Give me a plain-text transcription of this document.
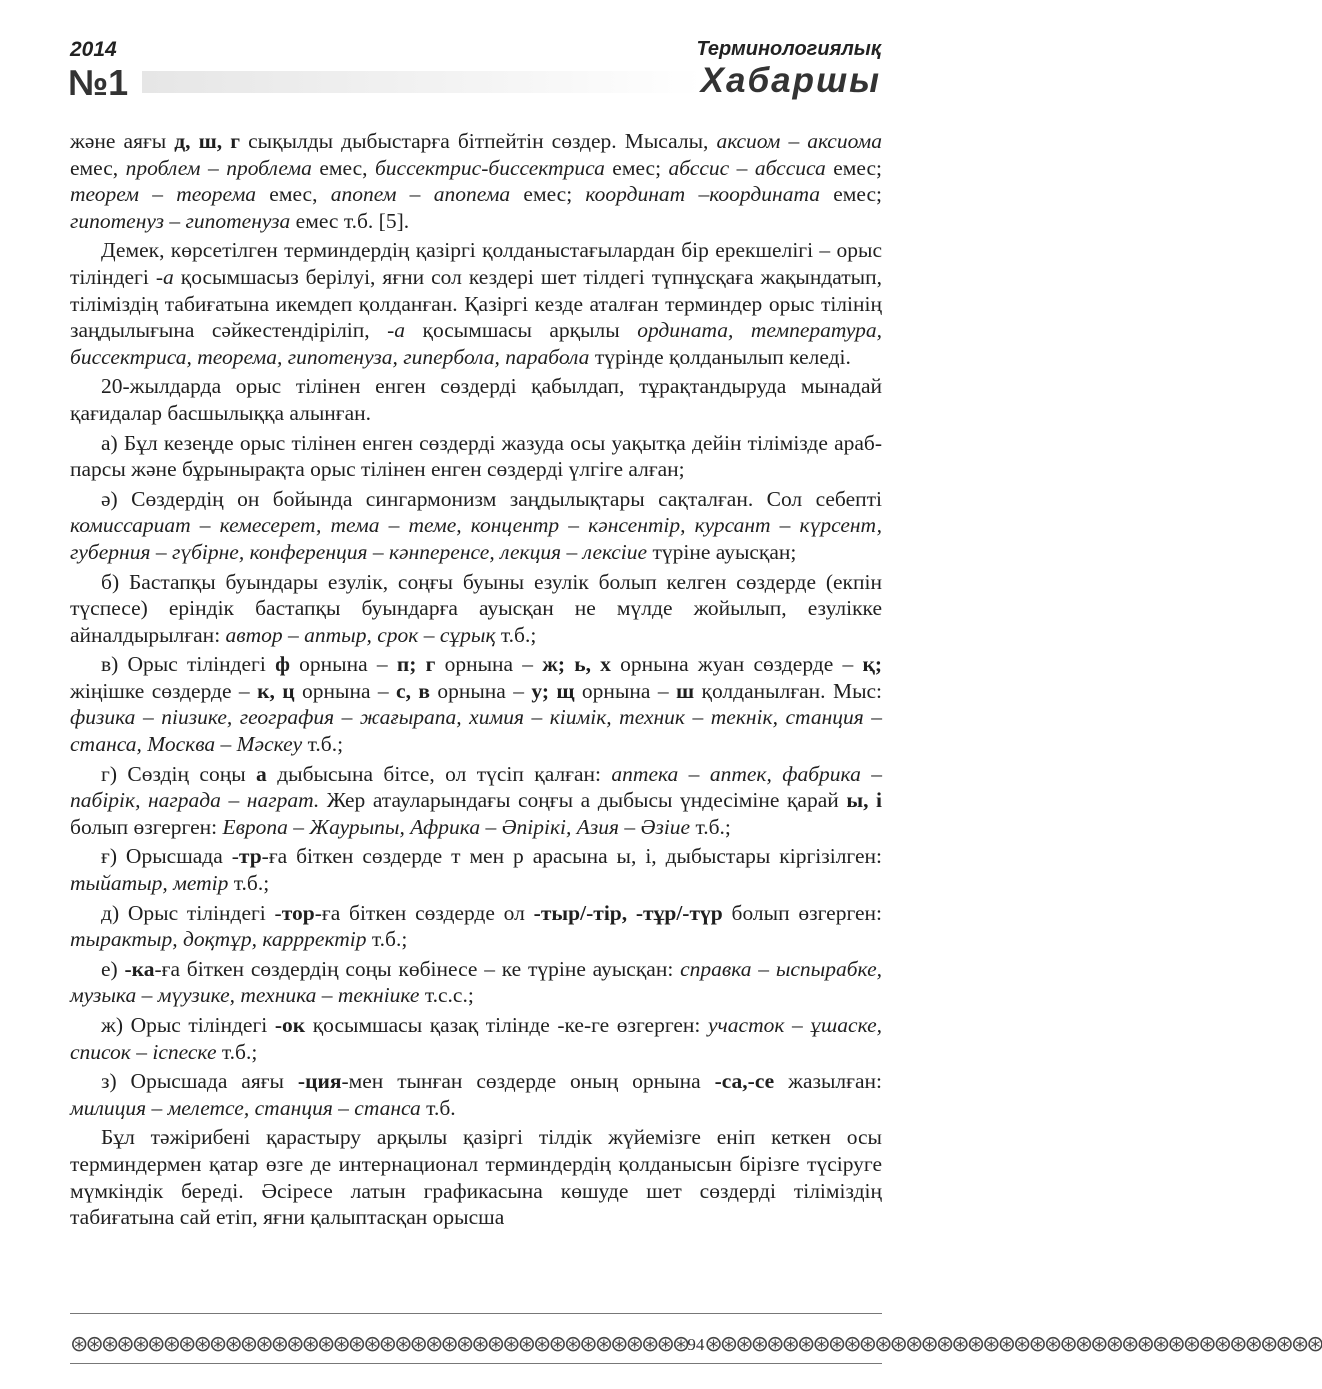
2014
№1
Терминологиялық
Хабаршы

және аяғы д, ш, г сықылды дыбыстарға бітпейтін сөздер. Мысалы, аксиом – аксиома емес, проблем – проблема емес, биссектрис-биссектриса емес; абссис – абссиса емес; теорем – теорема емес, апопем – апопема емес; координат –координата емес; гипотенуз – гипотенуза емес т.б. [5].

Демек, көрсетілген терминдердің қазіргі қолданыстағылардан бір ерекшелігі – орыс тіліндегі -а қосымшасыз берілуі, яғни сол кездері шет тілдегі түпнұсқаға жақындатып, тіліміздің табиғатына икемдеп қолданған. Қазіргі кезде аталған терминдер орыс тілінің заңдылығына сәйкестендіріліп, -а қосымшасы арқылы ордината, температура, биссектриса, теорема, гипотенуза, гипербола, парабола түрінде қолданылып келеді.

20-жылдарда орыс тілінен енген сөздерді қабылдап, тұрақтандыруда мынадай қағидалар басшылыққа алынған.

а) Бұл кезеңде орыс тілінен енген сөздерді жазуда осы уақытқа дейін тілімізде араб-парсы және бұрынырақта орыс тілінен енген сөздерді үлгіге алған;

ә) Сөздердің он бойында сингармонизм заңдылықтары сақталған. Сол себепті комиссариат – кемесерет, тема – теме, концентр – кәнсентір, курсант – күрсент, губерния – гүбірне, конференция – кәнперенсе, лекция – лексіие түріне ауысқан;

б) Бастапқы буындары езулік, соңғы буыны езулік болып келген сөздерде (екпін түспесе) еріндік бастапқы буындарға ауысқан не мүлде жойылып, езулікке айналдырылған: автор – аптыр, срок – сұрық т.б.;

в) Орыс тіліндегі ф орнына – п; г орнына – ж; ь, х орнына жуан сөздерде – қ; жіңішке сөздерде – к, ц орнына – с, в орнына – у; щ орнына – ш қолданылған. Мыс: физика – піизике, география – жағырапа, химия – кіимік, техник – текнік, станция – станса, Москва – Мәскеу т.б.;

г) Сөздің соңы а дыбысына бітсе, ол түсіп қалған: аптека – аптек, фабрика – пабірік, награда – награт. Жер атауларындағы соңғы а дыбысы үндесіміне қарай ы, і болып өзгерген: Европа – Жаурыпы, Африка – Әпірікі, Азия – Әзіие т.б.;

ғ) Орысшада -тр-ға біткен сөздерде т мен р арасына ы, і, дыбыстары кіргізілген: тыйатыр, метір т.б.;

д) Орыс тіліндегі -тор-ға біткен сөздерде ол -тыр/-тір, -тұр/-түр болып өзгерген: тырактыр, доқтұр, каррректір т.б.;

е) -ка-ға біткен сөздердің соңы көбінесе – ке түріне ауысқан: справка – ыспырабке, музыка – мүузике, техника – текніике т.с.с.;

ж) Орыс тіліндегі -ок қосымшасы қазақ тілінде -ке-ге өзгерген: участок – ұшаске, список – іспеске т.б.;

з) Орысшада аяғы -ция-мен тынған сөздерде оның орнына -са,-се жазылған: милиция – мелетсе, станция – станса т.б.

Бұл тәжірибені қарастыру арқылы қазіргі тілдік жүйемізге еніп кеткен осы терминдермен қатар өзге де интернационал терминдердің қолданысын бірізге түсіруге мүмкіндік береді. Әсіресе латын графикасына көшуде шет сөздерді тіліміздің табиғатына сай етіп, яғни қалыптасқан орысша

⊛⊛⊛⊛⊛⊛⊛⊛⊛⊛⊛⊛⊛⊛⊛⊛⊛⊛⊛⊛⊛⊛⊛⊛⊛⊛⊛⊛⊛⊛⊛⊛⊛⊛⊛⊛⊛⊛⊛⊛ 94 ⊛⊛⊛⊛⊛⊛⊛⊛⊛⊛⊛⊛⊛⊛⊛⊛⊛⊛⊛⊛⊛⊛⊛⊛⊛⊛⊛⊛⊛⊛⊛⊛⊛⊛⊛⊛⊛⊛⊛⊛
